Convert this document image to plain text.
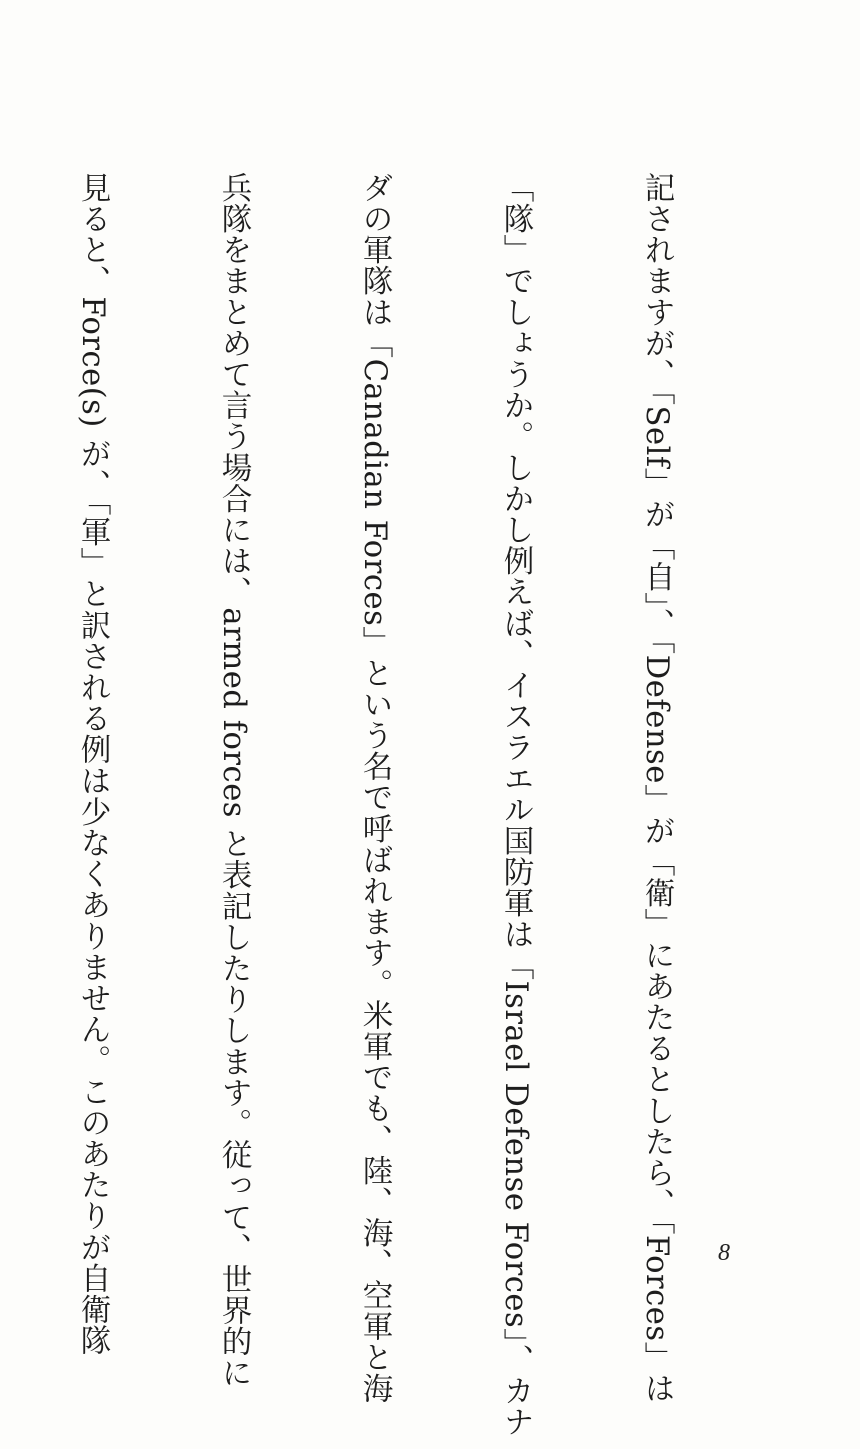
記されますが、「Self」が「自」、「Defense」が「衛」にあたるとしたら、「Forces」は

「隊」でしょうか。しかし例えば、イスラエル国防軍は「Israel Defense Forces」、カナ

ダの軍隊は「Canadian Forces」という名で呼ばれます。米軍でも、陸、海、空軍と海

兵隊をまとめて言う場合には、armed forces と表記したりします。従って、世界的に

見ると、Force(s) が、「軍」と訳される例は少なくありません。このあたりが自衛隊

	8
